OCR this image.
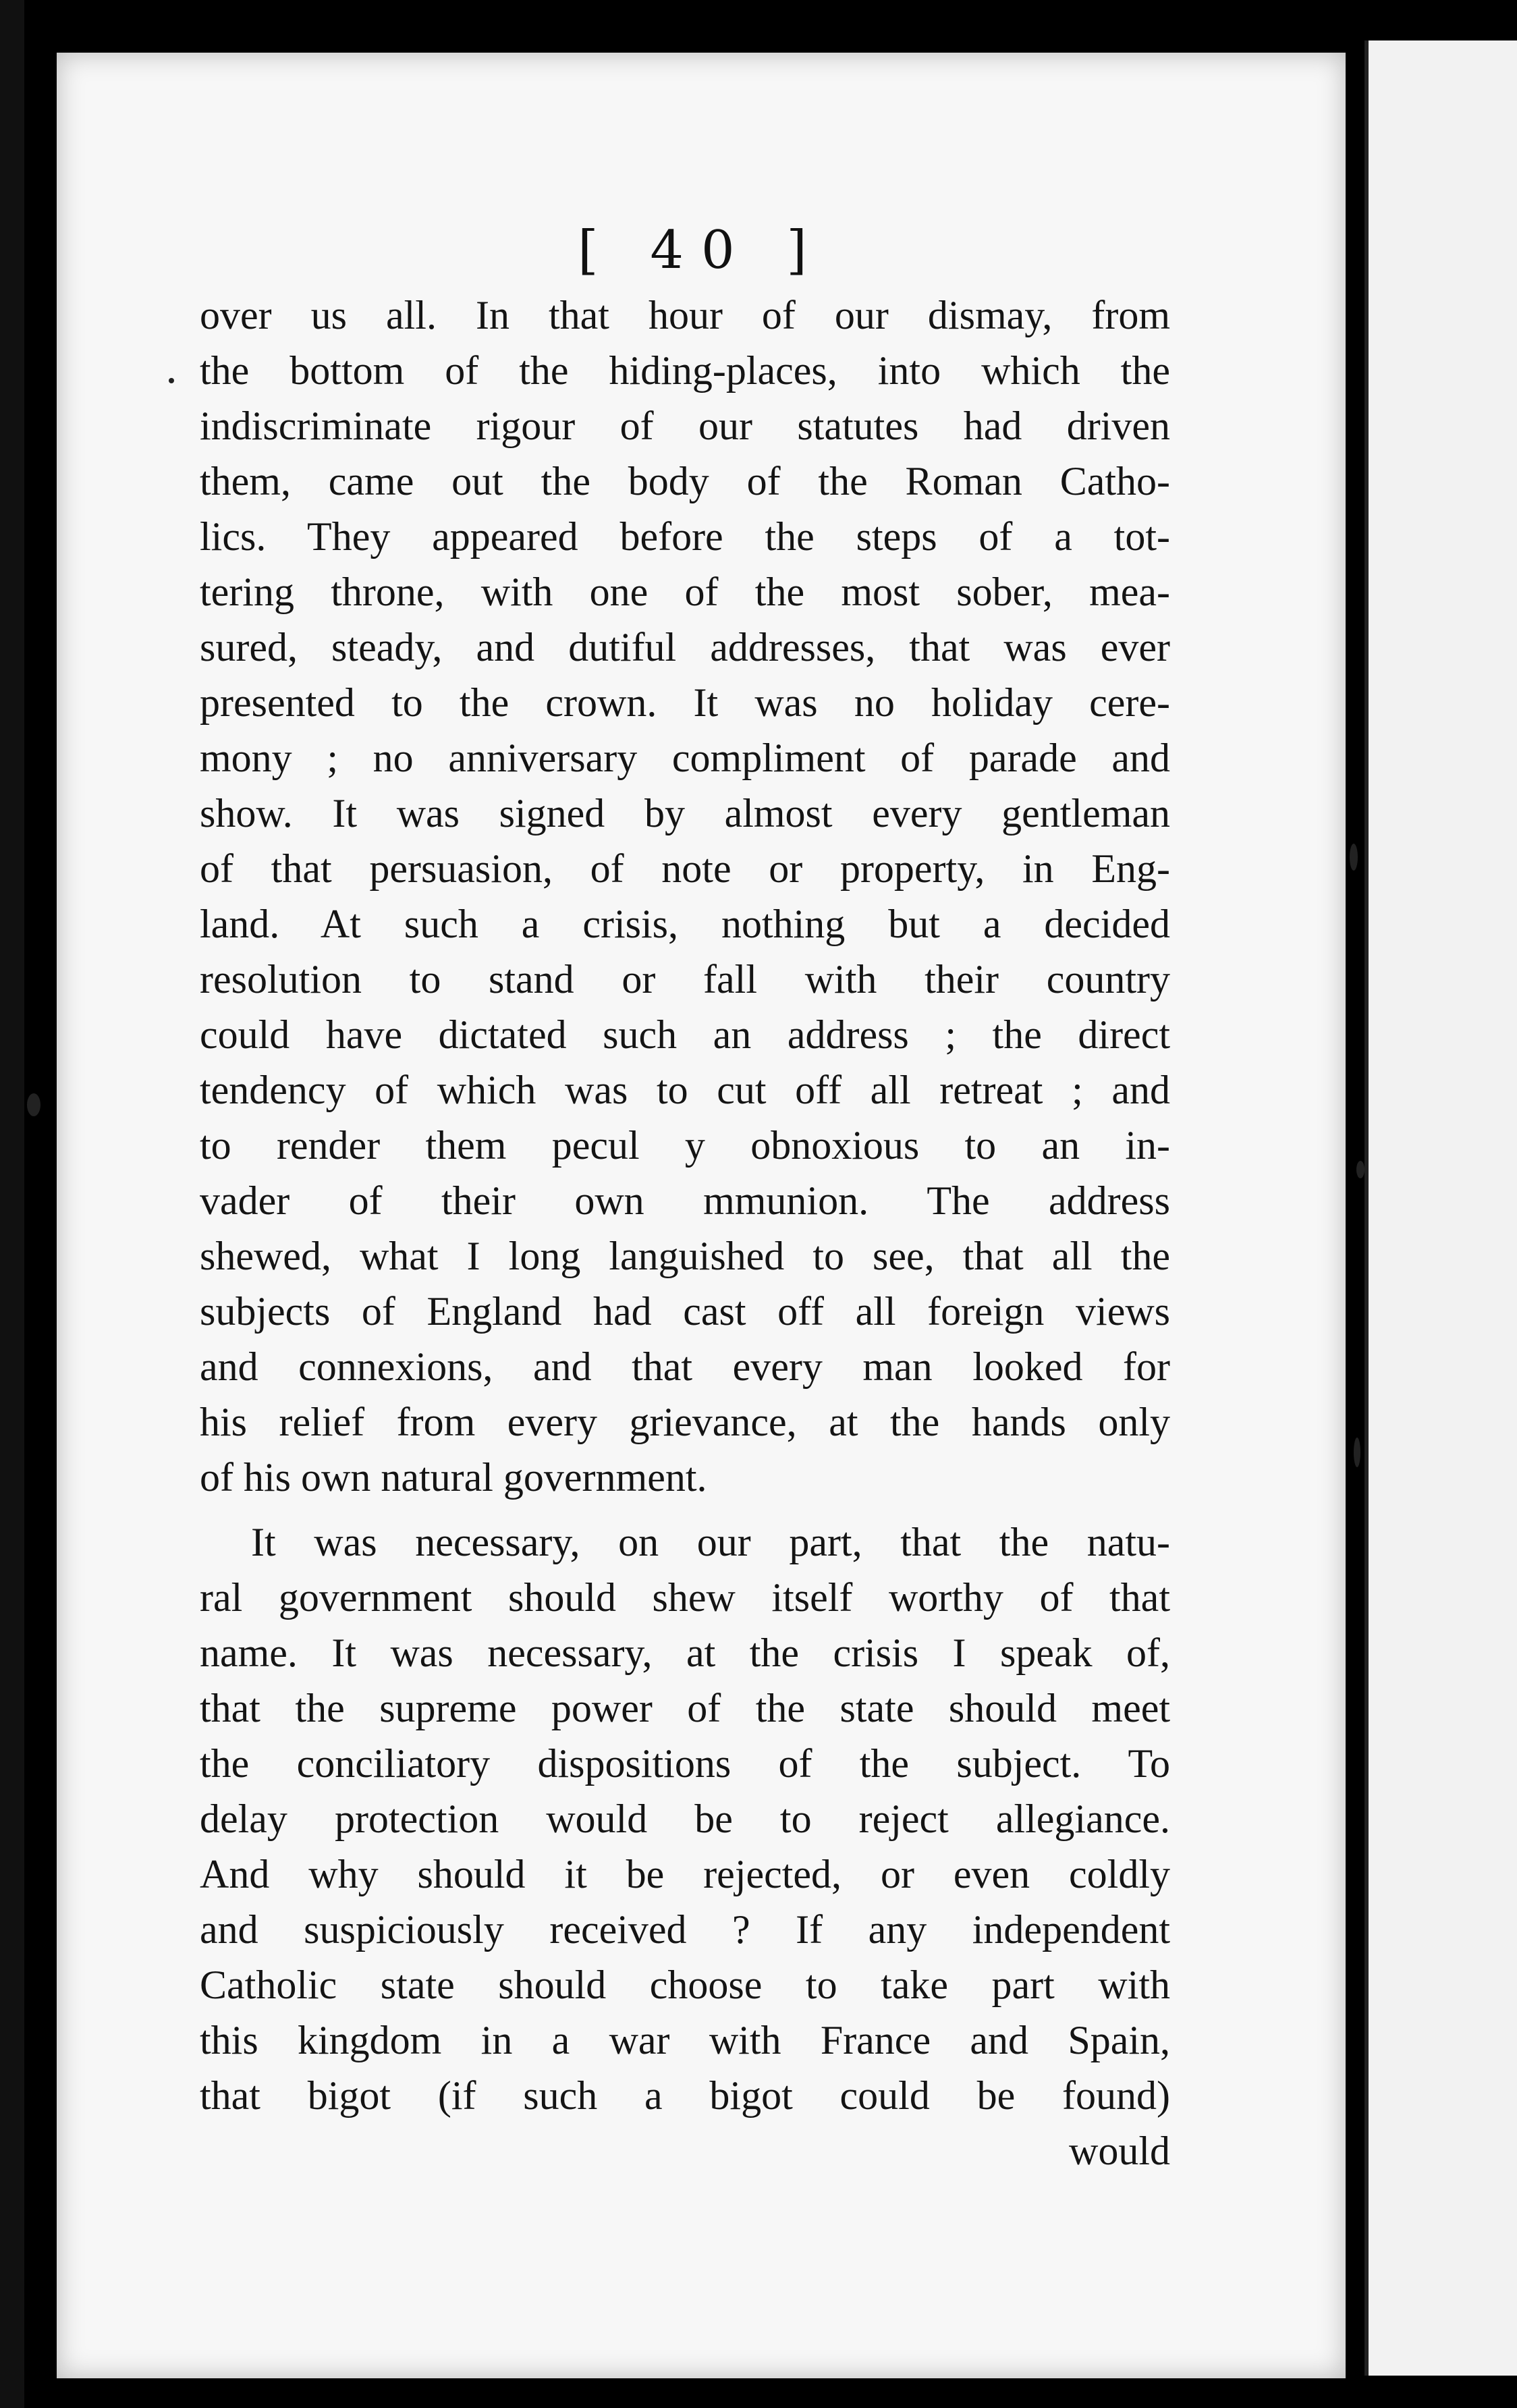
[ 40 ]
over us all. In that hour of our dismay, from
the bottom of the hiding-places, into which the
indiscriminate rigour of our statutes had driven
them, came out the body of the Roman Catho-
lics. They appeared before the steps of a tot-
tering throne, with one of the most sober, mea-
sured, steady, and dutiful addresses, that was ever
presented to the crown. It was no holiday cere-
mony ; no anniversary compliment of parade and
show. It was signed by almost every gentleman
of that persuasion, of note or property, in Eng-
land. At such a crisis, nothing but a decided
resolution to stand or fall with their country
could have dictated such an address ; the direct
tendency of which was to cut off all retreat ; and
to render them pecul y obnoxious to an in-
vader of their own mmunion. The address
shewed, what I long languished to see, that all the
subjects of England had cast off all foreign views
and connexions, and that every man looked for
his relief from every grievance, at the hands only
of his own natural government.
It was necessary, on our part, that the natu-
ral government should shew itself worthy of that
name. It was necessary, at the crisis I speak of,
that the supreme power of the state should meet
the conciliatory dispositions of the subject. To
delay protection would be to reject allegiance.
And why should it be rejected, or even coldly
and suspiciously received ? If any independent
Catholic state should choose to take part with
this kingdom in a war with France and Spain,
that bigot (if such a bigot could be found)
would
